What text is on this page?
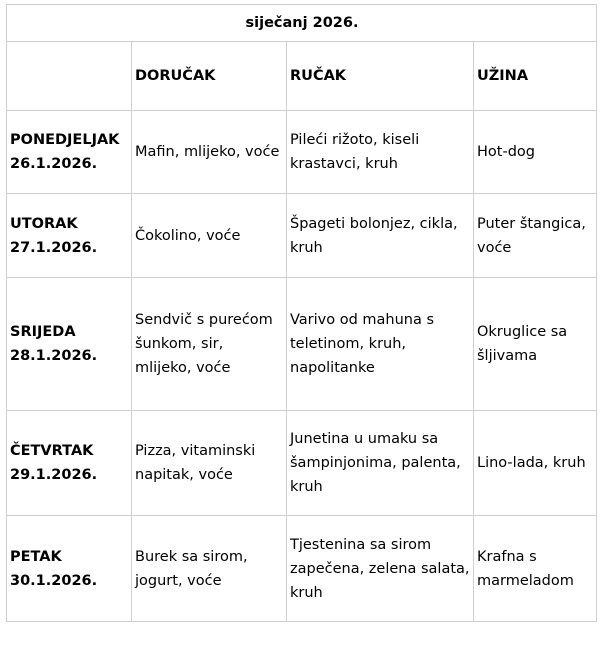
siječanj 2026.			
	DORUČAK	RUČAK	UŽINA

PONEDJELJAK
26.1.2026.	Mafin, mlijeko, voće	Pileći rižoto, kiseli krastavci, kruh	Hot-dog

UTORAK
27.1.2026.	Čokolino, voće	Špageti bolonjez, cikla, kruh	Puter štangica, voće

SRIJEDA
28.1.2026.	Sendvič s purećom šunkom, sir, mlijeko, voće	Varivo od mahuna s teletinom, kruh, napolitanke	Okruglice sa šljivama

ČETVRTAK
29.1.2026.	Pizza, vitaminski napitak, voće	Junetina u umaku sa šampinjonima, palenta, kruh	Lino-lada, kruh

PETAK
30.1.2026.	Burek sa sirom, jogurt, voće	Tjestenina sa sirom zapečena, zelena salata, kruh	Krafna s marmeladom
